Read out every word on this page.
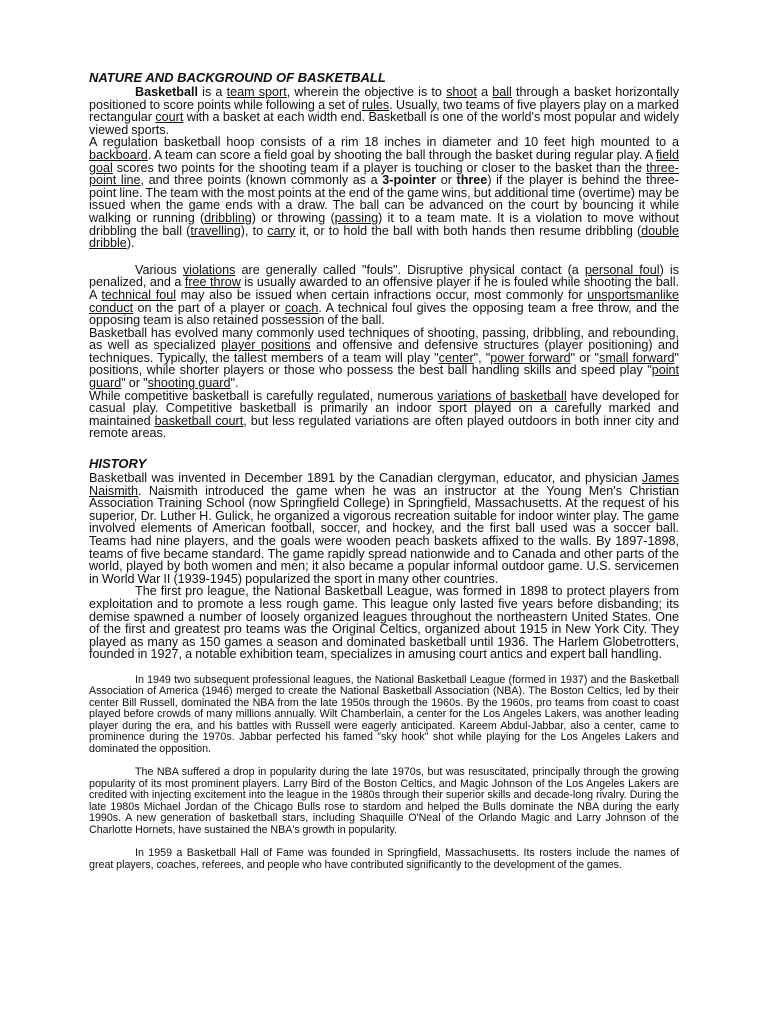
NATURE AND BACKGROUND OF BASKETBALL

Basketball is a team sport, wherein the objective is to shoot a ball through a basket horizontally positioned to score points while following a set of rules. Usually, two teams of five players play on a marked rectangular court with a basket at each width end. Basketball is one of the world's most popular and widely viewed sports.

A regulation basketball hoop consists of a rim 18 inches in diameter and 10 feet high mounted to a backboard. A team can score a field goal by shooting the ball through the basket during regular play. A field goal scores two points for the shooting team if a player is touching or closer to the basket than the three-point line, and three points (known commonly as a 3-pointer or three) if the player is behind the three-point line. The team with the most points at the end of the game wins, but additional time (overtime) may be issued when the game ends with a draw. The ball can be advanced on the court by bouncing it while walking or running (dribbling) or throwing (passing) it to a team mate. It is a violation to move without dribbling the ball (travelling), to carry it, or to hold the ball with both hands then resume dribbling (double dribble).

Various violations are generally called "fouls". Disruptive physical contact (a personal foul) is penalized, and a free throw is usually awarded to an offensive player if he is fouled while shooting the ball. A technical foul may also be issued when certain infractions occur, most commonly for unsportsmanlike conduct on the part of a player or coach. A technical foul gives the opposing team a free throw, and the opposing team is also retained possession of the ball.

Basketball has evolved many commonly used techniques of shooting, passing, dribbling, and rebounding, as well as specialized player positions and offensive and defensive structures (player positioning) and techniques. Typically, the tallest members of a team will play "center", "power forward" or "small forward" positions, while shorter players or those who possess the best ball handling skills and speed play "point guard" or "shooting guard".

While competitive basketball is carefully regulated, numerous variations of basketball have developed for casual play. Competitive basketball is primarily an indoor sport played on a carefully marked and maintained basketball court, but less regulated variations are often played outdoors in both inner city and remote areas.

HISTORY

Basketball was invented in December 1891 by the Canadian clergyman, educator, and physician James Naismith. Naismith introduced the game when he was an instructor at the Young Men's Christian Association Training School (now Springfield College) in Springfield, Massachusetts. At the request of his superior, Dr. Luther H. Gulick, he organized a vigorous recreation suitable for indoor winter play. The game involved elements of American football, soccer, and hockey, and the first ball used was a soccer ball. Teams had nine players, and the goals were wooden peach baskets affixed to the walls. By 1897-1898, teams of five became standard. The game rapidly spread nationwide and to Canada and other parts of the world, played by both women and men; it also became a popular informal outdoor game. U.S. servicemen in World War II (1939-1945) popularized the sport in many other countries.

The first pro league, the National Basketball League, was formed in 1898 to protect players from exploitation and to promote a less rough game. This league only lasted five years before disbanding; its demise spawned a number of loosely organized leagues throughout the northeastern United States. One of the first and greatest pro teams was the Original Celtics, organized about 1915 in New York City. They played as many as 150 games a season and dominated basketball until 1936. The Harlem Globetrotters, founded in 1927, a notable exhibition team, specializes in amusing court antics and expert ball handling.

In 1949 two subsequent professional leagues, the National Basketball League (formed in 1937) and the Basketball Association of America (1946) merged to create the National Basketball Association (NBA). The Boston Celtics, led by their center Bill Russell, dominated the NBA from the late 1950s through the 1960s. By the 1960s, pro teams from coast to coast played before crowds of many millions annually. Wilt Chamberlain, a center for the Los Angeles Lakers, was another leading player during the era, and his battles with Russell were eagerly anticipated. Kareem Abdul-Jabbar, also a center, came to prominence during the 1970s. Jabbar perfected his famed "sky hook" shot while playing for the Los Angeles Lakers and dominated the opposition.

The NBA suffered a drop in popularity during the late 1970s, but was resuscitated, principally through the growing popularity of its most prominent players. Larry Bird of the Boston Celtics, and Magic Johnson of the Los Angeles Lakers are credited with injecting excitement into the league in the 1980s through their superior skills and decade-long rivalry. During the late 1980s Michael Jordan of the Chicago Bulls rose to stardom and helped the Bulls dominate the NBA during the early 1990s. A new generation of basketball stars, including Shaquille O'Neal of the Orlando Magic and Larry Johnson of the Charlotte Hornets, have sustained the NBA's growth in popularity.

In 1959 a Basketball Hall of Fame was founded in Springfield, Massachusetts. Its rosters include the names of great players, coaches, referees, and people who have contributed significantly to the development of the games.
